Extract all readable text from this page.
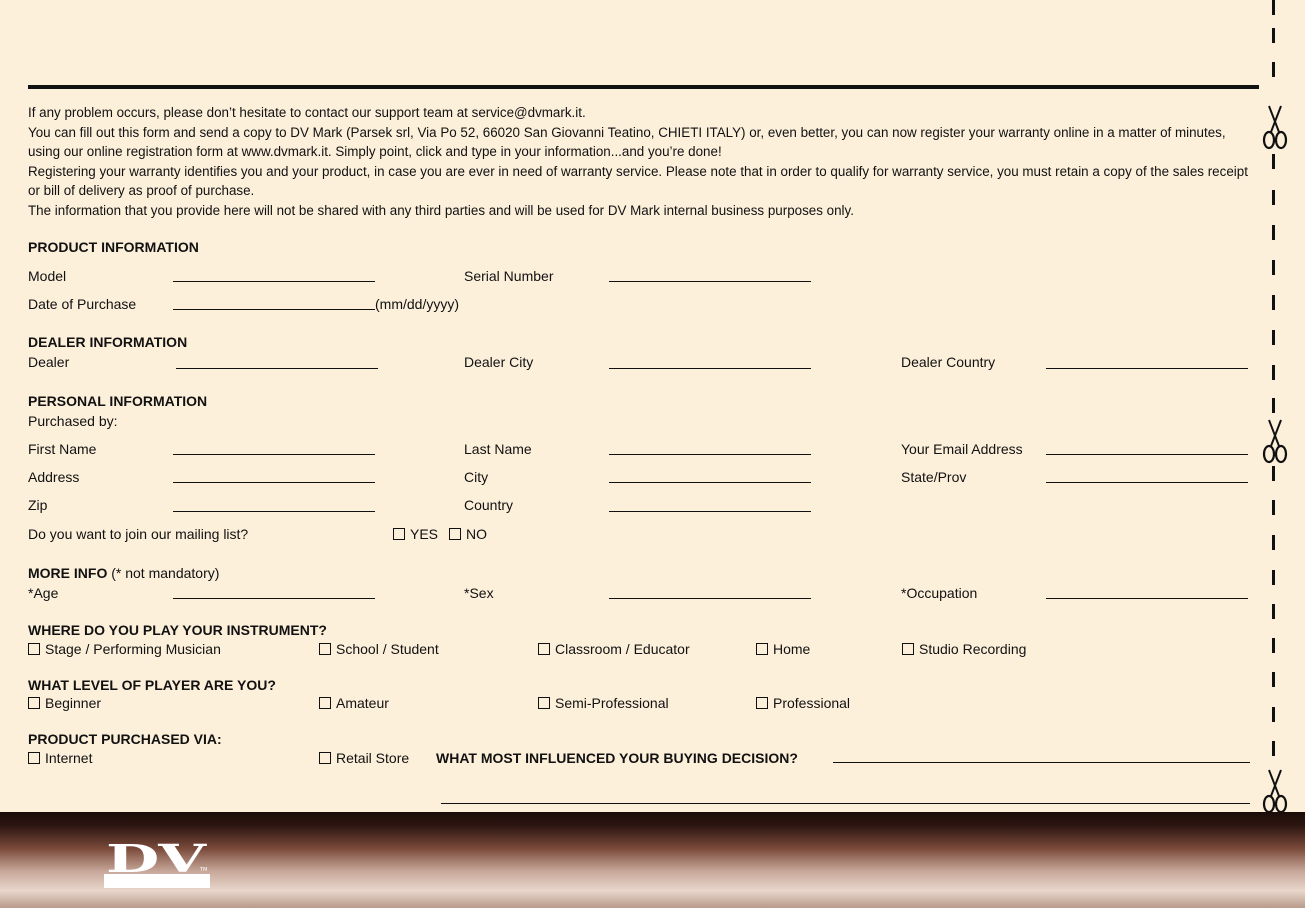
If any problem occurs, please don’t hesitate to contact our support team at service@dvmark.it.

You can fill out this form and send a copy to DV Mark (Parsek srl, Via Po 52, 66020 San Giovanni Teatino, CHIETI ITALY) or, even better, you can now register your warranty online in a matter of minutes, using our online registration form at www.dvmark.it. Simply point, click and type in your information...and you’re done!

Registering your warranty identifies you and your product, in case you are ever in need of warranty service. Please note that in order to qualify for warranty service, you must retain a copy of the sales receipt or bill of delivery as proof of purchase.

The information that you provide here will not be shared with any third parties and will be used for DV Mark internal business purposes only.

PRODUCT INFORMATION
Model	Serial Number
Date of Purchase	(mm/dd/yyyy)
DEALER INFORMATION
Dealer	Dealer City	Dealer Country
PERSONAL INFORMATION
Purchased by:
First Name	Last Name	Your Email Address
Address	City	State/Prov
Zip	Country
Do you want to join our mailing list?	YES	NO
MORE INFO (* not mandatory)
*Age	*Sex	*Occupation
WHERE DO YOU PLAY YOUR INSTRUMENT?
Stage / Performing Musician	School / Student	Classroom / Educator	Home	Studio Recording
WHAT LEVEL OF PLAYER ARE YOU?
Beginner	Amateur	Semi-Professional	Professional
PRODUCT PURCHASED VIA:
Internet	Retail Store WHAT MOST INFLUENCED YOUR BUYING DECISION?
DV
TM
